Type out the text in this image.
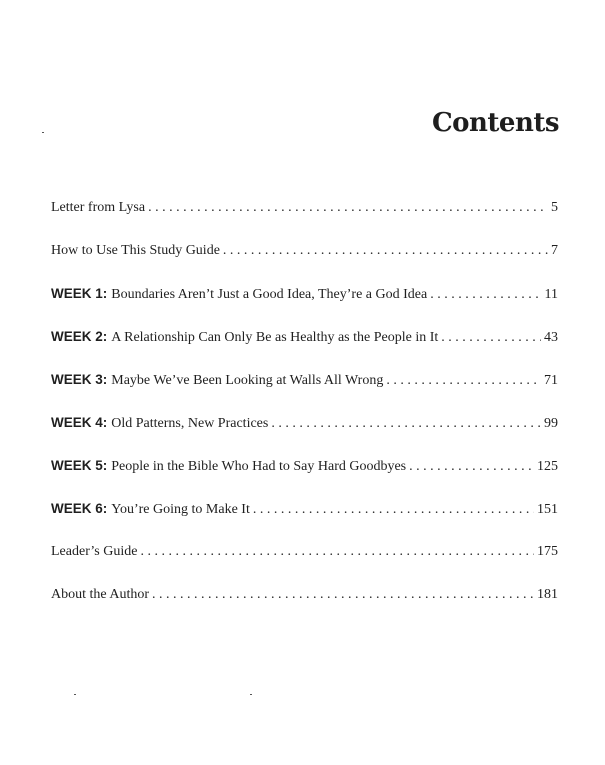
Contents
Letter from Lysa . . .	5
How to Use This Study Guide . . .	7
WEEK 1: Boundaries Aren’t Just a Good Idea, They’re a God Idea . . .	11
WEEK 2: A Relationship Can Only Be as Healthy as the People in It . . .	43
WEEK 3: Maybe We’ve Been Looking at Walls All Wrong . . .	71
WEEK 4: Old Patterns, New Practices . . .	99
WEEK 5: People in the Bible Who Had to Say Hard Goodbyes . . .	125
WEEK 6: You’re Going to Make It . . .	151
Leader’s Guide . . .	175
About the Author . . .	181
